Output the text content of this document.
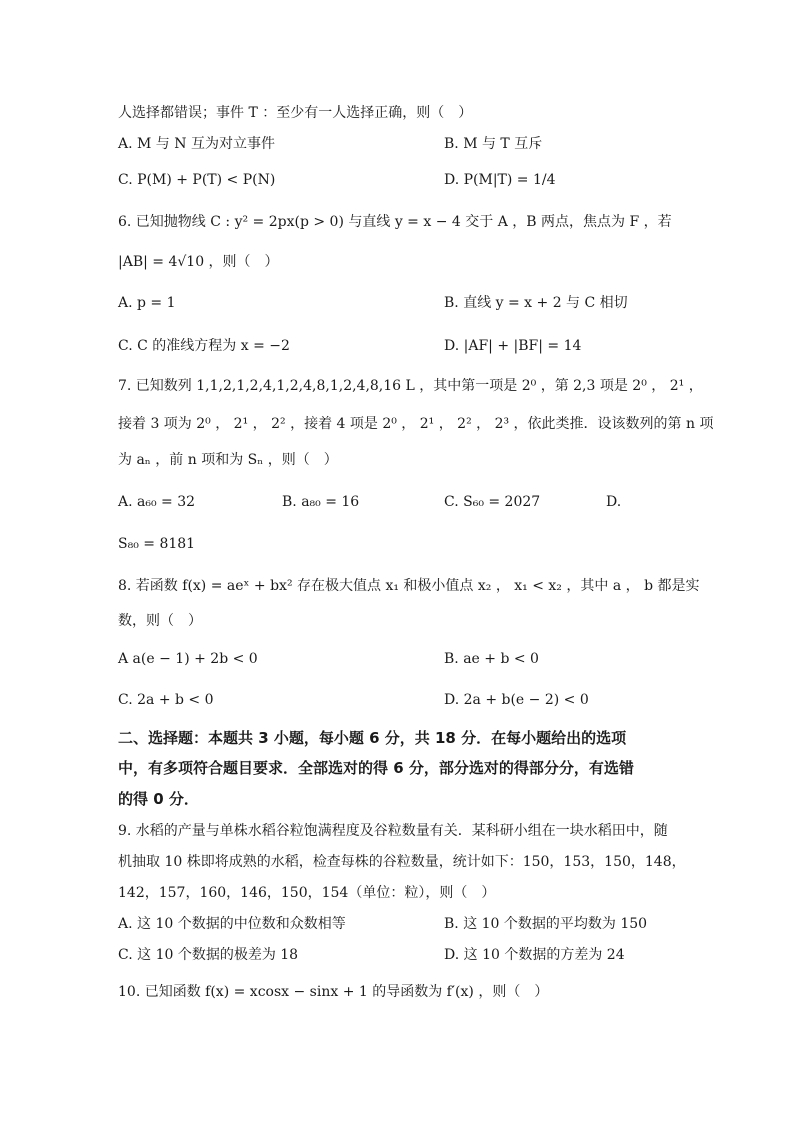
人选择都错误；事件 T ：至少有一人选择正确，则（　）
A. M 与 N 互为对立事件	B. M 与 T 互斥
C. P(M) + P(T) < P(N)	D. P(M|T) = 1/4
6. 已知抛物线 C : y² = 2px(p > 0) 与直线 y = x − 4 交于 A ，B 两点，焦点为 F ，若
|AB| = 4√10 ，则（　）
A. p = 1	B. 直线 y = x + 2 与 C 相切
C. C 的准线方程为 x = −2	D. |AF| + |BF| = 14
7. 已知数列 1,1,2,1,2,4,1,2,4,8,1,2,4,8,16 L ，其中第一项是 2⁰ ，第 2,3 项是 2⁰ ， 2¹ ，
接着 3 项为 2⁰ ， 2¹ ， 2² ，接着 4 项是 2⁰ ， 2¹ ， 2² ， 2³ ，依此类推．设该数列的第 n 项
为 aₙ ，前 n 项和为 Sₙ ，则（　）
A. a₆₀ = 32	B. a₈₀ = 16	C. S₆₀ = 2027	D.
S₈₀ = 8181
8. 若函数 f(x) = aeˣ + bx² 存在极大值点 x₁ 和极小值点 x₂ ， x₁ < x₂ ，其中 a ， b 都是实
数，则（　）
A a(e − 1) + 2b < 0	B. ae + b < 0
C. 2a + b < 0	D. 2a + b(e − 2) < 0
二、选择题：本题共 3 小题，每小题 6 分，共 18 分．在每小题给出的选项
中，有多项符合题目要求．全部选对的得 6 分，部分选对的得部分分，有选错
的得 0 分．
9. 水稻的产量与单株水稻谷粒饱满程度及谷粒数量有关．某科研小组在一块水稻田中，随
机抽取 10 株即将成熟的水稻，检查每株的谷粒数量，统计如下：150，153，150，148，
142，157，160，146，150，154（单位：粒），则（　）
A. 这 10 个数据的中位数和众数相等	B. 这 10 个数据的平均数为 150
C. 这 10 个数据的极差为 18	D. 这 10 个数据的方差为 24
10. 已知函数 f(x) = xcosx − sinx + 1 的导函数为 f′(x) ，则（　）
